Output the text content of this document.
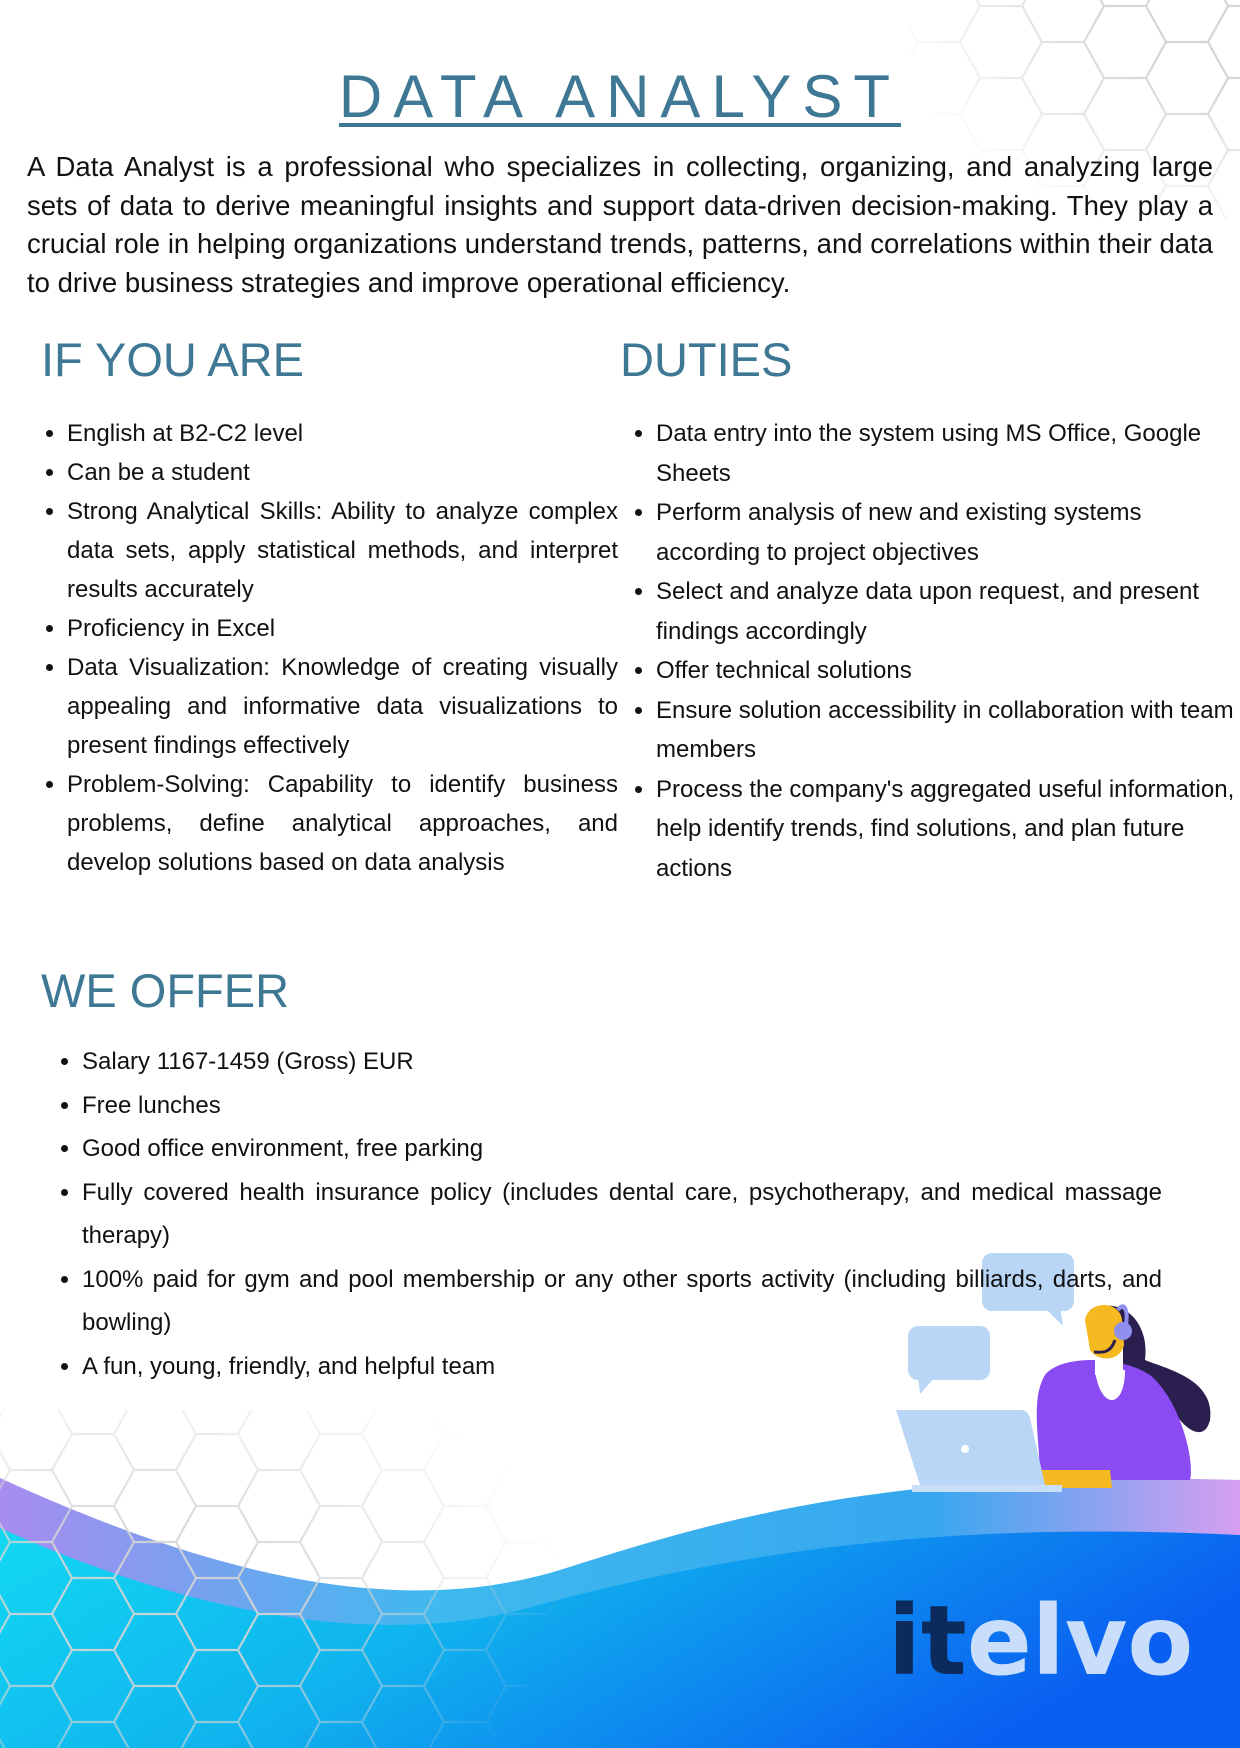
DATA ANALYST
A Data Analyst is a professional who specializes in collecting, organizing, and analyzing large sets of data to derive meaningful insights and support data-driven decision-making. They play a crucial role in helping organizations understand trends, patterns, and correlations within their data to drive business strategies and improve operational efficiency.
IF YOU ARE
• English at B2-C2 level
• Can be a student
• Strong Analytical Skills: Ability to analyze complex data sets, apply statistical methods, and interpret results accurately
• Proficiency in Excel
• Data Visualization: Knowledge of creating visually appealing and informative data visualizations to present findings effectively
• Problem-Solving: Capability to identify business problems, define analytical approaches, and develop solutions based on data analysis
DUTIES
• Data entry into the system using MS Office, Google Sheets
• Perform analysis of new and existing systems according to project objectives
• Select and analyze data upon request, and present findings accordingly
• Offer technical solutions
• Ensure solution accessibility in collaboration with team members
• Process the company's aggregated useful information, help identify trends, find solutions, and plan future actions
WE OFFER
• Salary 1167-1459 (Gross) EUR
• Free lunches
• Good office environment, free parking
• Fully covered health insurance policy (includes dental care, psychotherapy, and medical massage therapy)
• 100% paid for gym and pool membership or any other sports activity (including billiards, darts, and bowling)
• A fun, young, friendly, and helpful team
itelvo
